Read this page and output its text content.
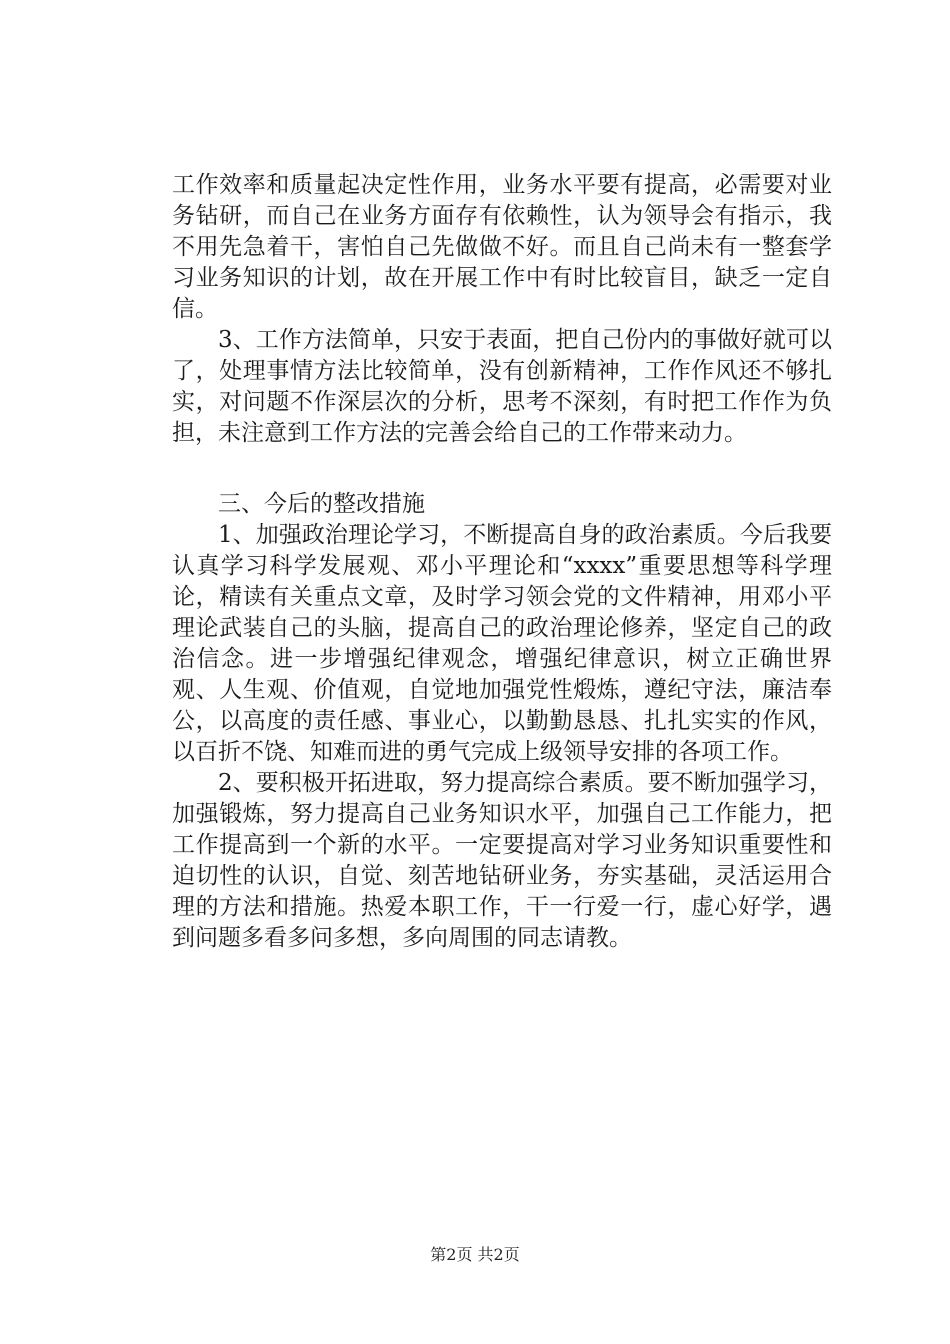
工作效率和质量起决定性作用，业务水平要有提高，必需要对业务钻研，而自己在业务方面存有依赖性，认为领导会有指示，我不用先急着干，害怕自己先做做不好。而且自己尚未有一整套学习业务知识的计划，故在开展工作中有时比较盲目，缺乏一定自信。

3、工作方法简单，只安于表面，把自己份内的事做好就可以了，处理事情方法比较简单，没有创新精神，工作作风还不够扎实，对问题不作深层次的分析，思考不深刻，有时把工作作为负担，未注意到工作方法的完善会给自己的工作带来动力。

三、今后的整改措施

1、加强政治理论学习，不断提高自身的政治素质。今后我要认真学习科学发展观、邓小平理论和“xxxx”重要思想等科学理论，精读有关重点文章，及时学习领会党的文件精神，用邓小平理论武装自己的头脑，提高自己的政治理论修养，坚定自己的政治信念。进一步增强纪律观念，增强纪律意识，树立正确世界观、人生观、价值观，自觉地加强党性煅炼，遵纪守法，廉洁奉公，以高度的责任感、事业心，以勤勤恳恳、扎扎实实的作风，以百折不饶、知难而进的勇气完成上级领导安排的各项工作。

2、要积极开拓进取，努力提高综合素质。要不断加强学习，加强锻炼，努力提高自己业务知识水平，加强自己工作能力，把工作提高到一个新的水平。一定要提高对学习业务知识重要性和迫切性的认识，自觉、刻苦地钻研业务，夯实基础，灵活运用合理的方法和措施。热爱本职工作，干一行爱一行，虚心好学，遇到问题多看多问多想，多向周围的同志请教。

第2页 共2页
